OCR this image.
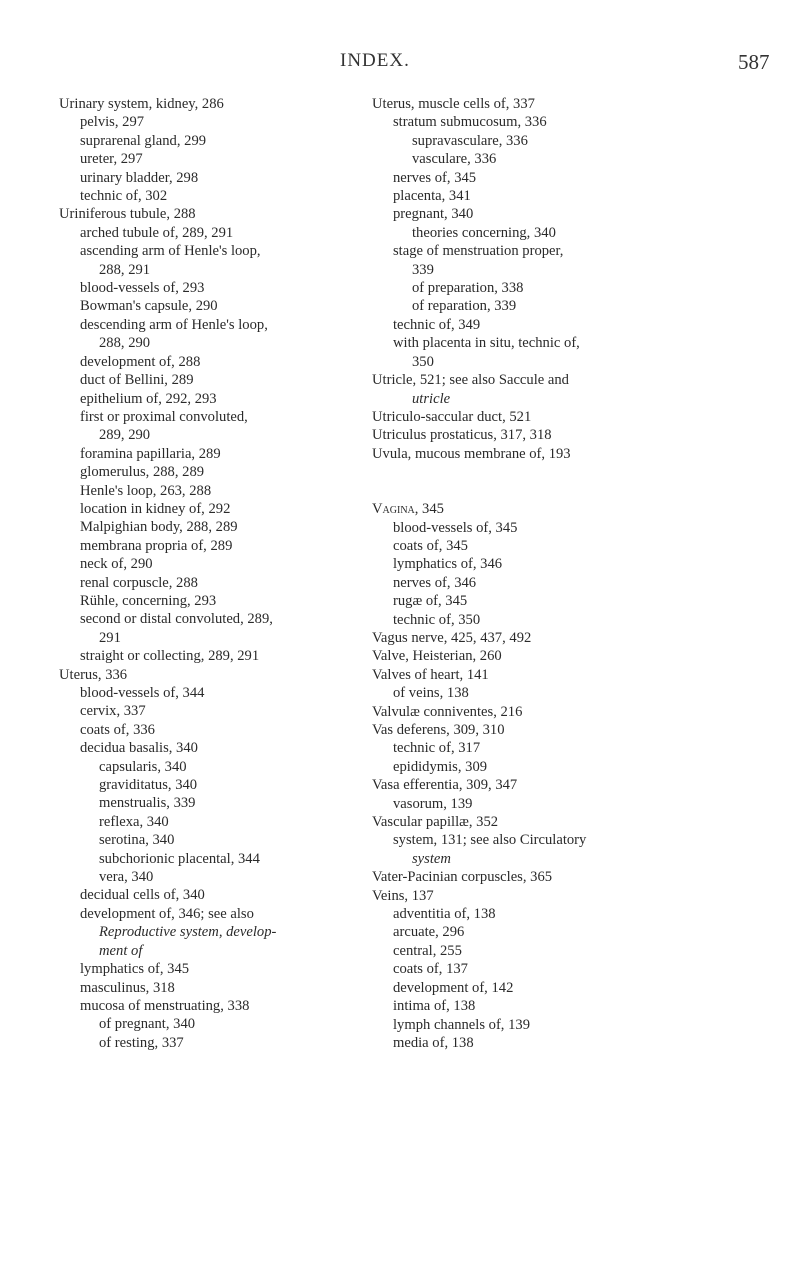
INDEX.	587
Urinary system, kidney, 286
pelvis, 297
suprarenal gland, 299
ureter, 297
urinary bladder, 298
technic of, 302
Uriniferous tubule, 288
arched tubule of, 289, 291
ascending arm of Henle's loop,
288, 291
blood-vessels of, 293
Bowman's capsule, 290
descending arm of Henle's loop,
288, 290
development of, 288
duct of Bellini, 289
epithelium of, 292, 293
first or proximal convoluted,
289, 290
foramina papillaria, 289
glomerulus, 288, 289
Henle's loop, 263, 288
location in kidney of, 292
Malpighian body, 288, 289
membrana propria of, 289
neck of, 290
renal corpuscle, 288
Rühle, concerning, 293
second or distal convoluted, 289,
291
straight or collecting, 289, 291
Uterus, 336
blood-vessels of, 344
cervix, 337
coats of, 336
decidua basalis, 340
capsularis, 340
graviditatus, 340
menstrualis, 339
reflexa, 340
serotina, 340
subchorionic placental, 344
vera, 340
decidual cells of, 340
development of, 346; see also
Reproductive system, develop-
ment of
lymphatics of, 345
masculinus, 318
mucosa of menstruating, 338
of pregnant, 340
of resting, 337
Uterus, muscle cells of, 337
stratum submucosum, 336
supravasculare, 336
vasculare, 336
nerves of, 345
placenta, 341
pregnant, 340
theories concerning, 340
stage of menstruation proper,
339
of preparation, 338
of reparation, 339
technic of, 349
with placenta in situ, technic of,
350
Utricle, 521; see also Saccule and
utricle
Utriculo-saccular duct, 521
Utriculus prostaticus, 317, 318
Uvula, mucous membrane of, 193
Vagina, 345
blood-vessels of, 345
coats of, 345
lymphatics of, 346
nerves of, 346
rugæ of, 345
technic of, 350
Vagus nerve, 425, 437, 492
Valve, Heisterian, 260
Valves of heart, 141
of veins, 138
Valvulæ conniventes, 216
Vas deferens, 309, 310
technic of, 317
epididymis, 309
Vasa efferentia, 309, 347
vasorum, 139
Vascular papillæ, 352
system, 131; see also Circulatory
system
Vater-Pacinian corpuscles, 365
Veins, 137
adventitia of, 138
arcuate, 296
central, 255
coats of, 137
development of, 142
intima of, 138
lymph channels of, 139
media of, 138
